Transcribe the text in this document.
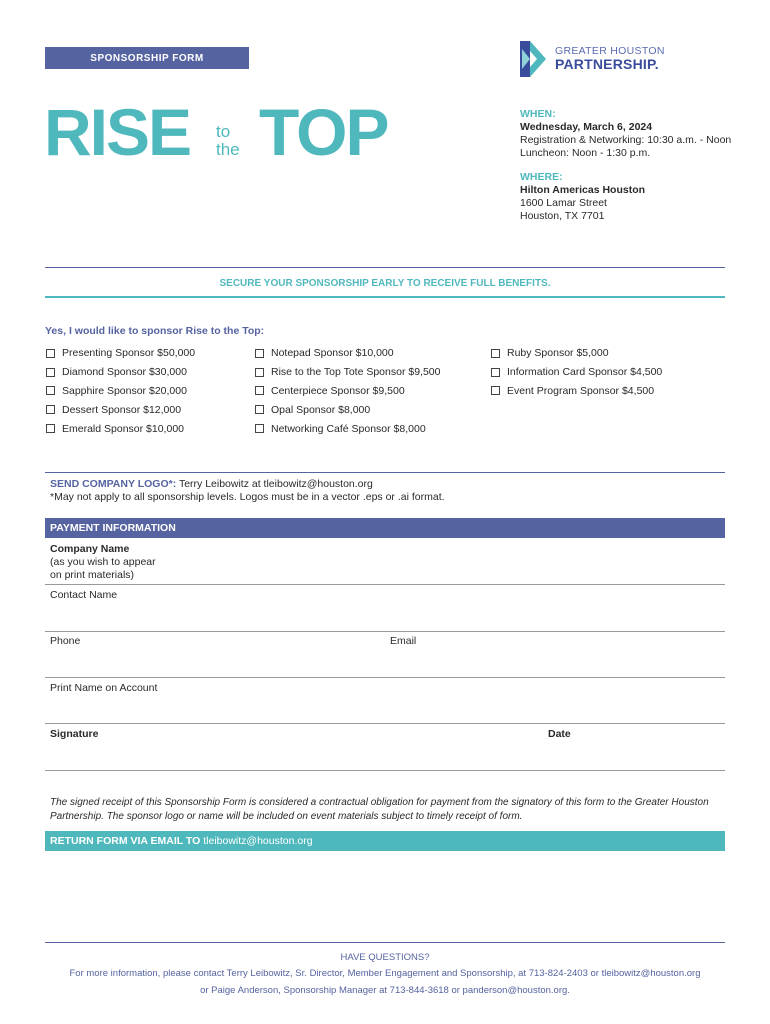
SPONSORSHIP FORM
GREATER HOUSTON
PARTNERSHIP.
RISE to
the TOP	WHEN:
Wednesday, March 6, 2024
Registration & Networking: 10:30 a.m. - Noon
Luncheon: Noon - 1:30 p.m.
WHERE:
Hilton Americas Houston
1600 Lamar Street
Houston, TX 7701
SECURE YOUR SPONSORSHIP EARLY TO RECEIVE FULL BENEFITS.
Yes, I would like to sponsor Rise to the Top:
Presenting Sponsor $50,000
Diamond Sponsor $30,000
Sapphire Sponsor $20,000
Dessert Sponsor $12,000
Emerald Sponsor $10,000
Notepad Sponsor $10,000
Rise to the Top Tote Sponsor $9,500
Centerpiece Sponsor $9,500
Opal Sponsor $8,000
Networking Café Sponsor $8,000
Ruby Sponsor $5,000
Information Card Sponsor $4,500
Event Program Sponsor $4,500
SEND COMPANY LOGO*: Terry Leibowitz at tleibowitz@houston.org
*May not apply to all sponsorship levels. Logos must be in a vector .eps or .ai format.
PAYMENT INFORMATION
Company Name
(as you wish to appear
on print materials)
Contact Name
Phone	Email
Print Name on Account
Signature	Date
The signed receipt of this Sponsorship Form is considered a contractual obligation for payment from the signatory of this form to the Greater Houston Partnership. The sponsor logo or name will be included on event materials subject to timely receipt of form.
RETURN FORM VIA EMAIL TO tleibowitz@houston.org
HAVE QUESTIONS?
For more information, please contact Terry Leibowitz, Sr. Director, Member Engagement and Sponsorship, at 713-824-2403 or tleibowitz@houston.org
or Paige Anderson, Sponsorship Manager at 713-844-3618 or panderson@houston.org.
